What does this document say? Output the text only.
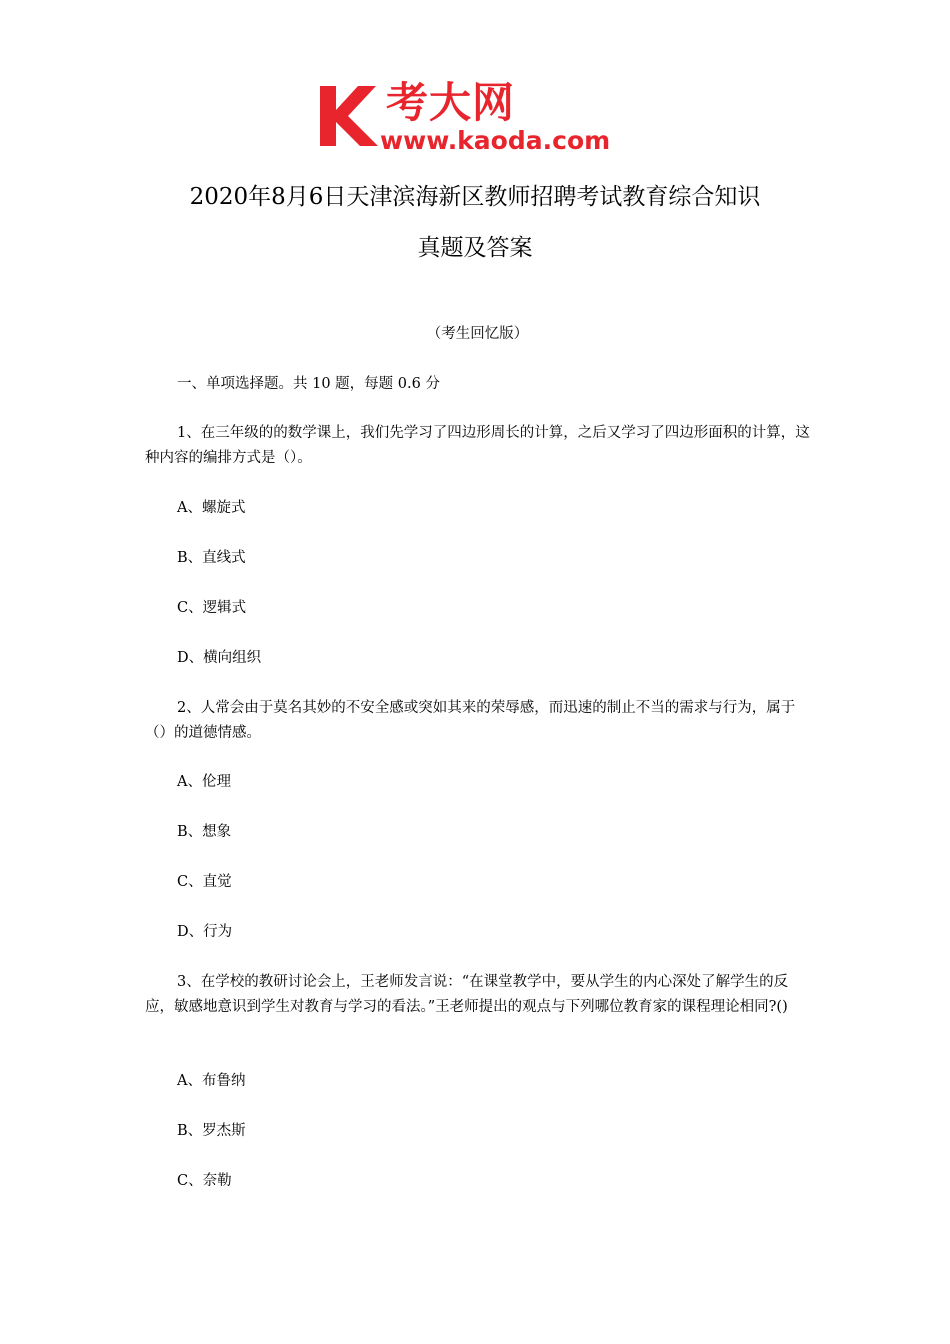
考大网
www.kaoda.com
2020年8月6日天津滨海新区教师招聘考试教育综合知识
真题及答案
（考生回忆版）
一、单项选择题。共 10 题，每题 0.6 分
1、在三年级的的数学课上，我们先学习了四边形周长的计算，之后又学习了四边形面积的计算，这种内容的编排方式是（）。
A、螺旋式
B、直线式
C、逻辑式
D、横向组织
2、人常会由于莫名其妙的不安全感或突如其来的荣辱感，而迅速的制止不当的需求与行为，属于（）的道德情感。
A、伦理
B、想象
C、直觉
D、行为
3、在学校的教研讨论会上，王老师发言说：“在课堂教学中，要从学生的内心深处了解学生的反应，敏感地意识到学生对教育与学习的看法。”王老师提出的观点与下列哪位教育家的课程理论相同?()
A、布鲁纳
B、罗杰斯
C、奈勒
